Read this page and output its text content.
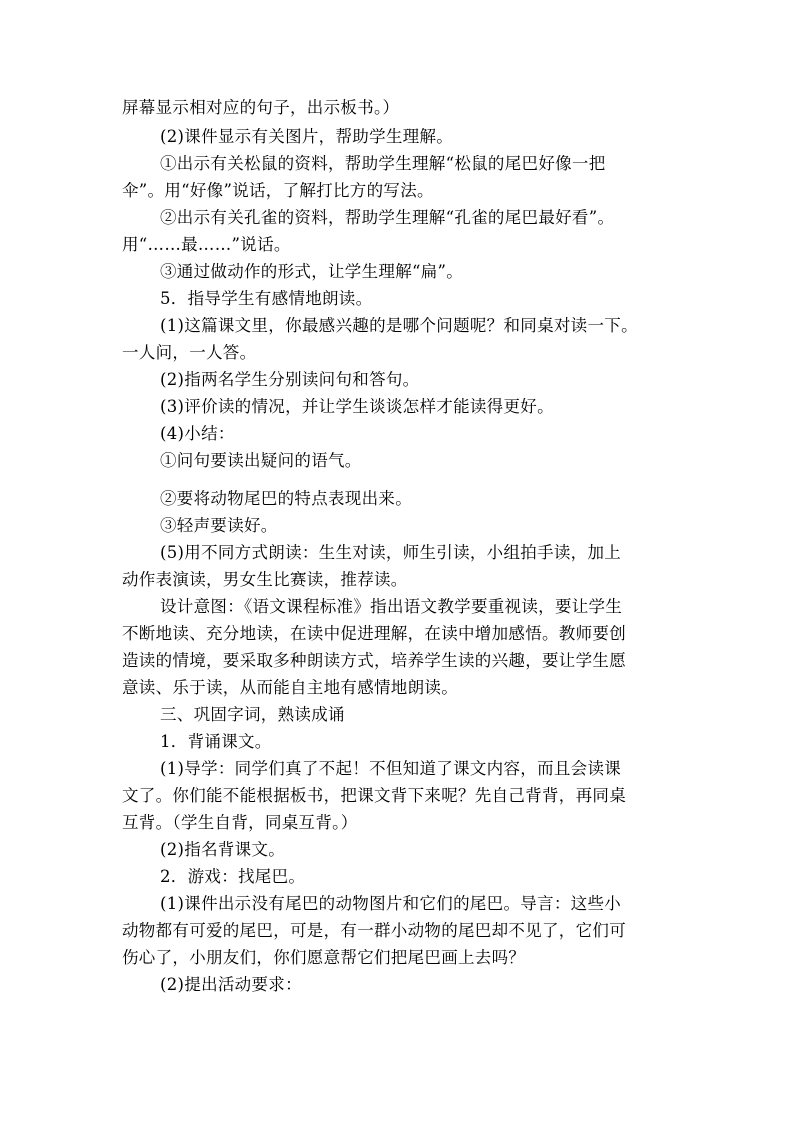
屏幕显示相对应的句子，出示板书。）
(2)课件显示有关图片，帮助学生理解。
①出示有关松鼠的资料，帮助学生理解“松鼠的尾巴好像一把
伞”。用“好像”说话，了解打比方的写法。
②出示有关孔雀的资料，帮助学生理解“孔雀的尾巴最好看”。
用“……最……”说话。
③通过做动作的形式，让学生理解“扁”。
5．指导学生有感情地朗读。
(1)这篇课文里，你最感兴趣的是哪个问题呢？和同桌对读一下。
一人问，一人答。
(2)指两名学生分别读问句和答句。
(3)评价读的情况，并让学生谈谈怎样才能读得更好。
(4)小结：
①问句要读出疑问的语气。
②要将动物尾巴的特点表现出来。
③轻声要读好。
(5)用不同方式朗读：生生对读，师生引读，小组拍手读，加上
动作表演读，男女生比赛读，推荐读。
设计意图：《语文课程标准》指出语文教学要重视读，要让学生
不断地读、充分地读，在读中促进理解，在读中增加感悟。教师要创
造读的情境，要采取多种朗读方式，培养学生读的兴趣，要让学生愿
意读、乐于读，从而能自主地有感情地朗读。
三、巩固字词，熟读成诵
1．背诵课文。
(1)导学：同学们真了不起！不但知道了课文内容，而且会读课
文了。你们能不能根据板书，把课文背下来呢？先自己背背，再同桌
互背。（学生自背，同桌互背。）
(2)指名背课文。
2．游戏：找尾巴。
(1)课件出示没有尾巴的动物图片和它们的尾巴。导言：这些小
动物都有可爱的尾巴，可是，有一群小动物的尾巴却不见了，它们可
伤心了，小朋友们，你们愿意帮它们把尾巴画上去吗？
(2)提出活动要求：
